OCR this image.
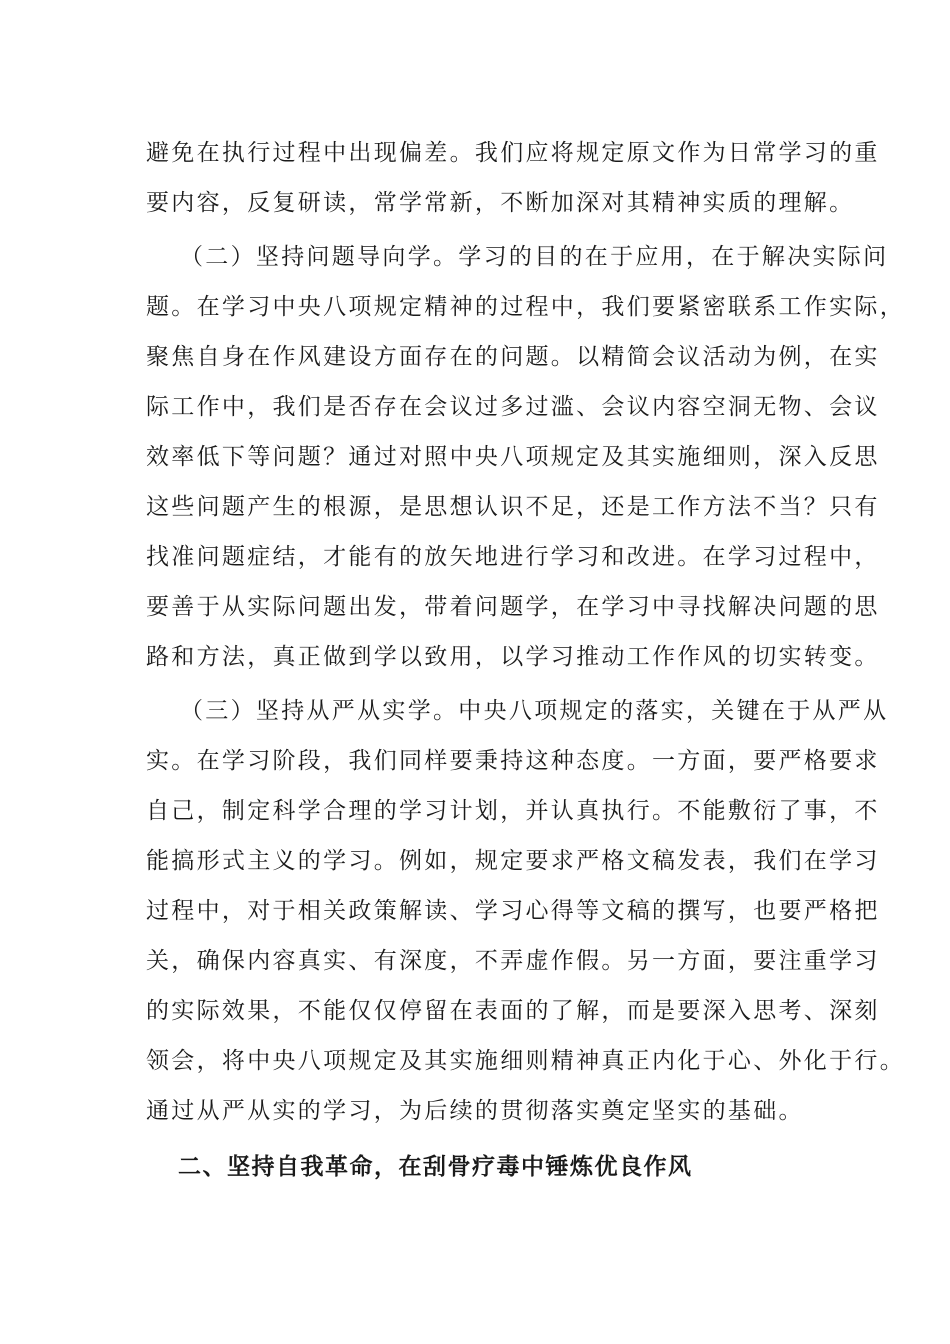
避免在执行过程中出现偏差。我们应将规定原文作为日常学习的重
要内容，反复研读，常学常新，不断加深对其精神实质的理解。
（二）坚持问题导向学。学习的目的在于应用，在于解决实际问
题。在学习中央八项规定精神的过程中，我们要紧密联系工作实际，
聚焦自身在作风建设方面存在的问题。以精简会议活动为例，在实
际工作中，我们是否存在会议过多过滥、会议内容空洞无物、会议
效率低下等问题？通过对照中央八项规定及其实施细则，深入反思
这些问题产生的根源，是思想认识不足，还是工作方法不当？只有
找准问题症结，才能有的放矢地进行学习和改进。在学习过程中，
要善于从实际问题出发，带着问题学，在学习中寻找解决问题的思
路和方法，真正做到学以致用，以学习推动工作作风的切实转变。
（三）坚持从严从实学。中央八项规定的落实，关键在于从严从
实。在学习阶段，我们同样要秉持这种态度。一方面，要严格要求
自己，制定科学合理的学习计划，并认真执行。不能敷衍了事，不
能搞形式主义的学习。例如，规定要求严格文稿发表，我们在学习
过程中，对于相关政策解读、学习心得等文稿的撰写，也要严格把
关，确保内容真实、有深度，不弄虚作假。另一方面，要注重学习
的实际效果，不能仅仅停留在表面的了解，而是要深入思考、深刻
领会，将中央八项规定及其实施细则精神真正内化于心、外化于行。
通过从严从实的学习，为后续的贯彻落实奠定坚实的基础。
二、坚持自我革命，在刮骨疗毒中锤炼优良作风
